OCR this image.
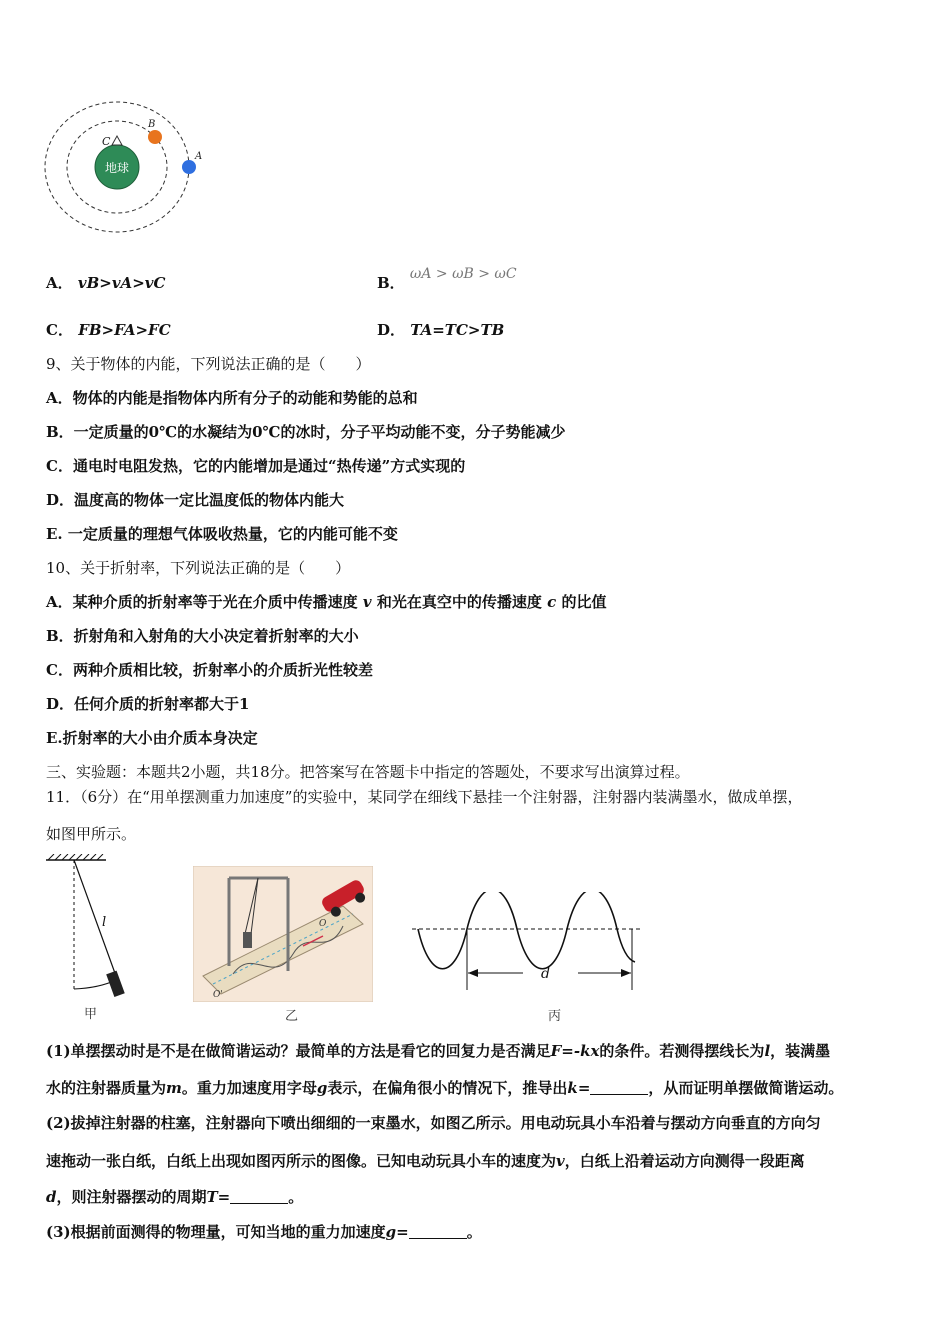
地球
C
B
A
A． vB>vA>vC	B． ωA > ωB > ωC
C． FB>FA>FC	D． TA=TC>TB
9、关于物体的内能，下列说法正确的是（　　）
A．物体的内能是指物体内所有分子的动能和势能的总和
B．一定质量的0℃的水凝结为0℃的冰时，分子平均动能不变，分子势能减少
C．通电时电阻发热，它的内能增加是通过“热传递”方式实现的
D．温度高的物体一定比温度低的物体内能大
E. 一定质量的理想气体吸收热量，它的内能可能不变
10、关于折射率，下列说法正确的是（　　）
A．某种介质的折射率等于光在介质中传播速度 v 和光在真空中的传播速度 c 的比值
B．折射角和入射角的大小决定着折射率的大小
C．两种介质相比较，折射率小的介质折光性较差
D．任何介质的折射率都大于1
E.折射率的大小由介质本身决定
三、实验题：本题共2小题，共18分。把答案写在答题卡中指定的答题处，不要求写出演算过程。
11．（6分）在“用单摆测重力加速度”的实验中，某同学在细线下悬挂一个注射器，注射器内装满墨水，做成单摆，
如图甲所示。
l
甲
O
O'
乙
d
丙
(1)单摆摆动时是不是在做简谐运动？最简单的方法是看它的回复力是否满足F=-kx的条件。若测得摆线长为l，装满墨
水的注射器质量为m。重力加速度用字母g表示，在偏角很小的情况下，推导出k=	，从而证明单摆做简谐运动。
(2)拔掉注射器的柱塞，注射器向下喷出细细的一束墨水，如图乙所示。用电动玩具小车沿着与摆动方向垂直的方向匀
速拖动一张白纸，白纸上出现如图丙所示的图像。已知电动玩具小车的速度为v，白纸上沿着运动方向测得一段距离
d，则注射器摆动的周期T=	。
(3)根据前面测得的物理量，可知当地的重力加速度g=	。
